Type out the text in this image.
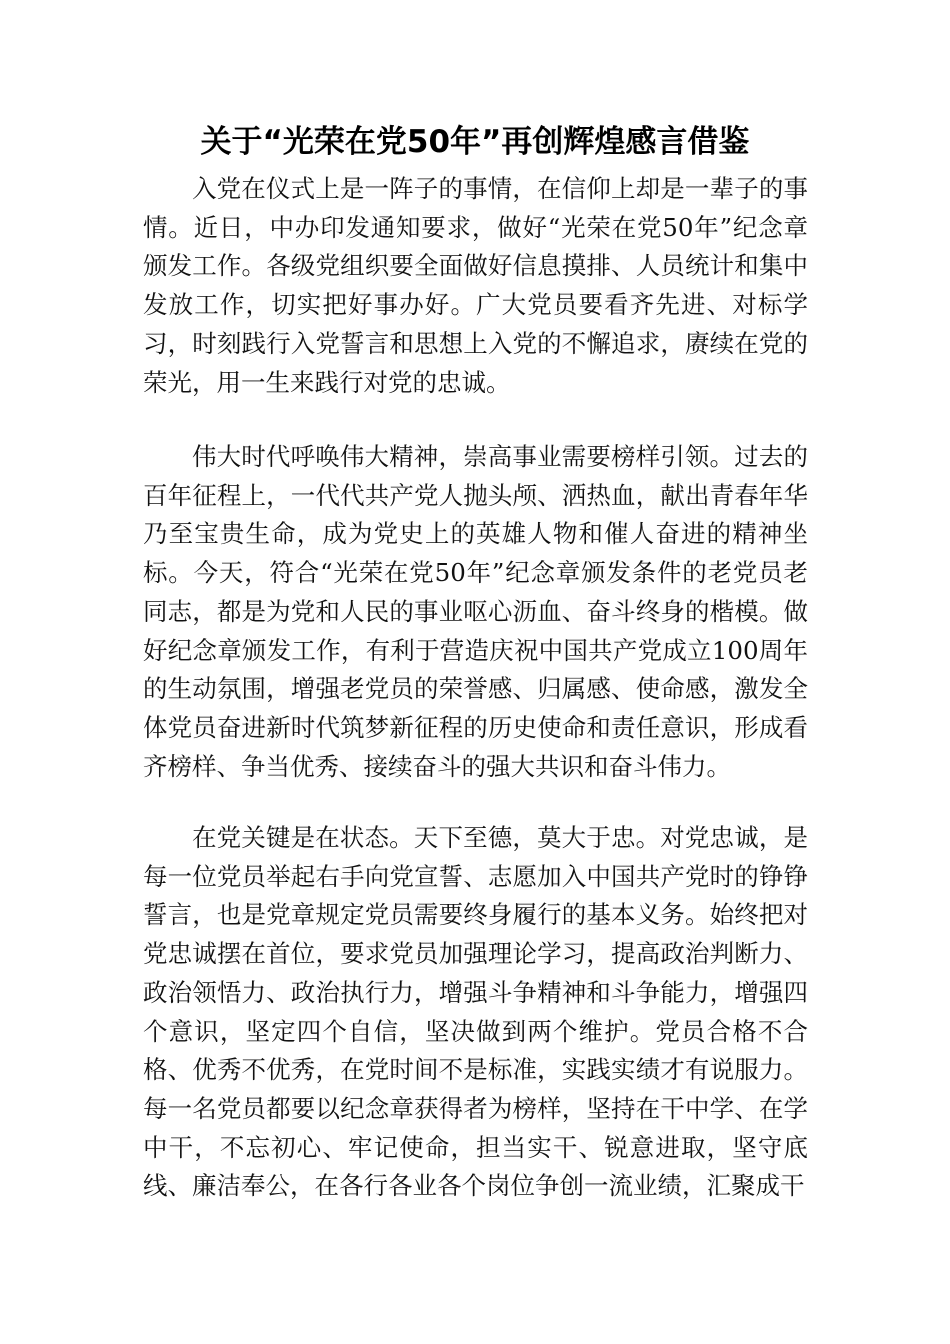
关于“光荣在党50年”再创辉煌感言借鉴

入党在仪式上是一阵子的事情，在信仰上却是一辈子的事情。近日，中办印发通知要求，做好“光荣在党50年”纪念章颁发工作。各级党组织要全面做好信息摸排、人员统计和集中发放工作，切实把好事办好。广大党员要看齐先进、对标学习，时刻践行入党誓言和思想上入党的不懈追求，赓续在党的荣光，用一生来践行对党的忠诚。

伟大时代呼唤伟大精神，崇高事业需要榜样引领。过去的百年征程上，一代代共产党人抛头颅、洒热血，献出青春年华乃至宝贵生命，成为党史上的英雄人物和催人奋进的精神坐标。今天，符合“光荣在党50年”纪念章颁发条件的老党员老同志，都是为党和人民的事业呕心沥血、奋斗终身的楷模。做好纪念章颁发工作，有利于营造庆祝中国共产党成立100周年的生动氛围，增强老党员的荣誉感、归属感、使命感，激发全体党员奋进新时代筑梦新征程的历史使命和责任意识，形成看齐榜样、争当优秀、接续奋斗的强大共识和奋斗伟力。

在党关键是在状态。天下至德，莫大于忠。对党忠诚，是每一位党员举起右手向党宣誓、志愿加入中国共产党时的铮铮誓言，也是党章规定党员需要终身履行的基本义务。始终把对党忠诚摆在首位，要求党员加强理论学习，提高政治判断力、政治领悟力、政治执行力，增强斗争精神和斗争能力，增强四个意识，坚定四个自信，坚决做到两个维护。党员合格不合格、优秀不优秀，在党时间不是标准，实践实绩才有说服力。每一名党员都要以纪念章获得者为榜样，坚持在干中学、在学中干，不忘初心、牢记使命，担当实干、锐意进取，坚守底线、廉洁奉公，在各行各业各个岗位争创一流业绩，汇聚成干
